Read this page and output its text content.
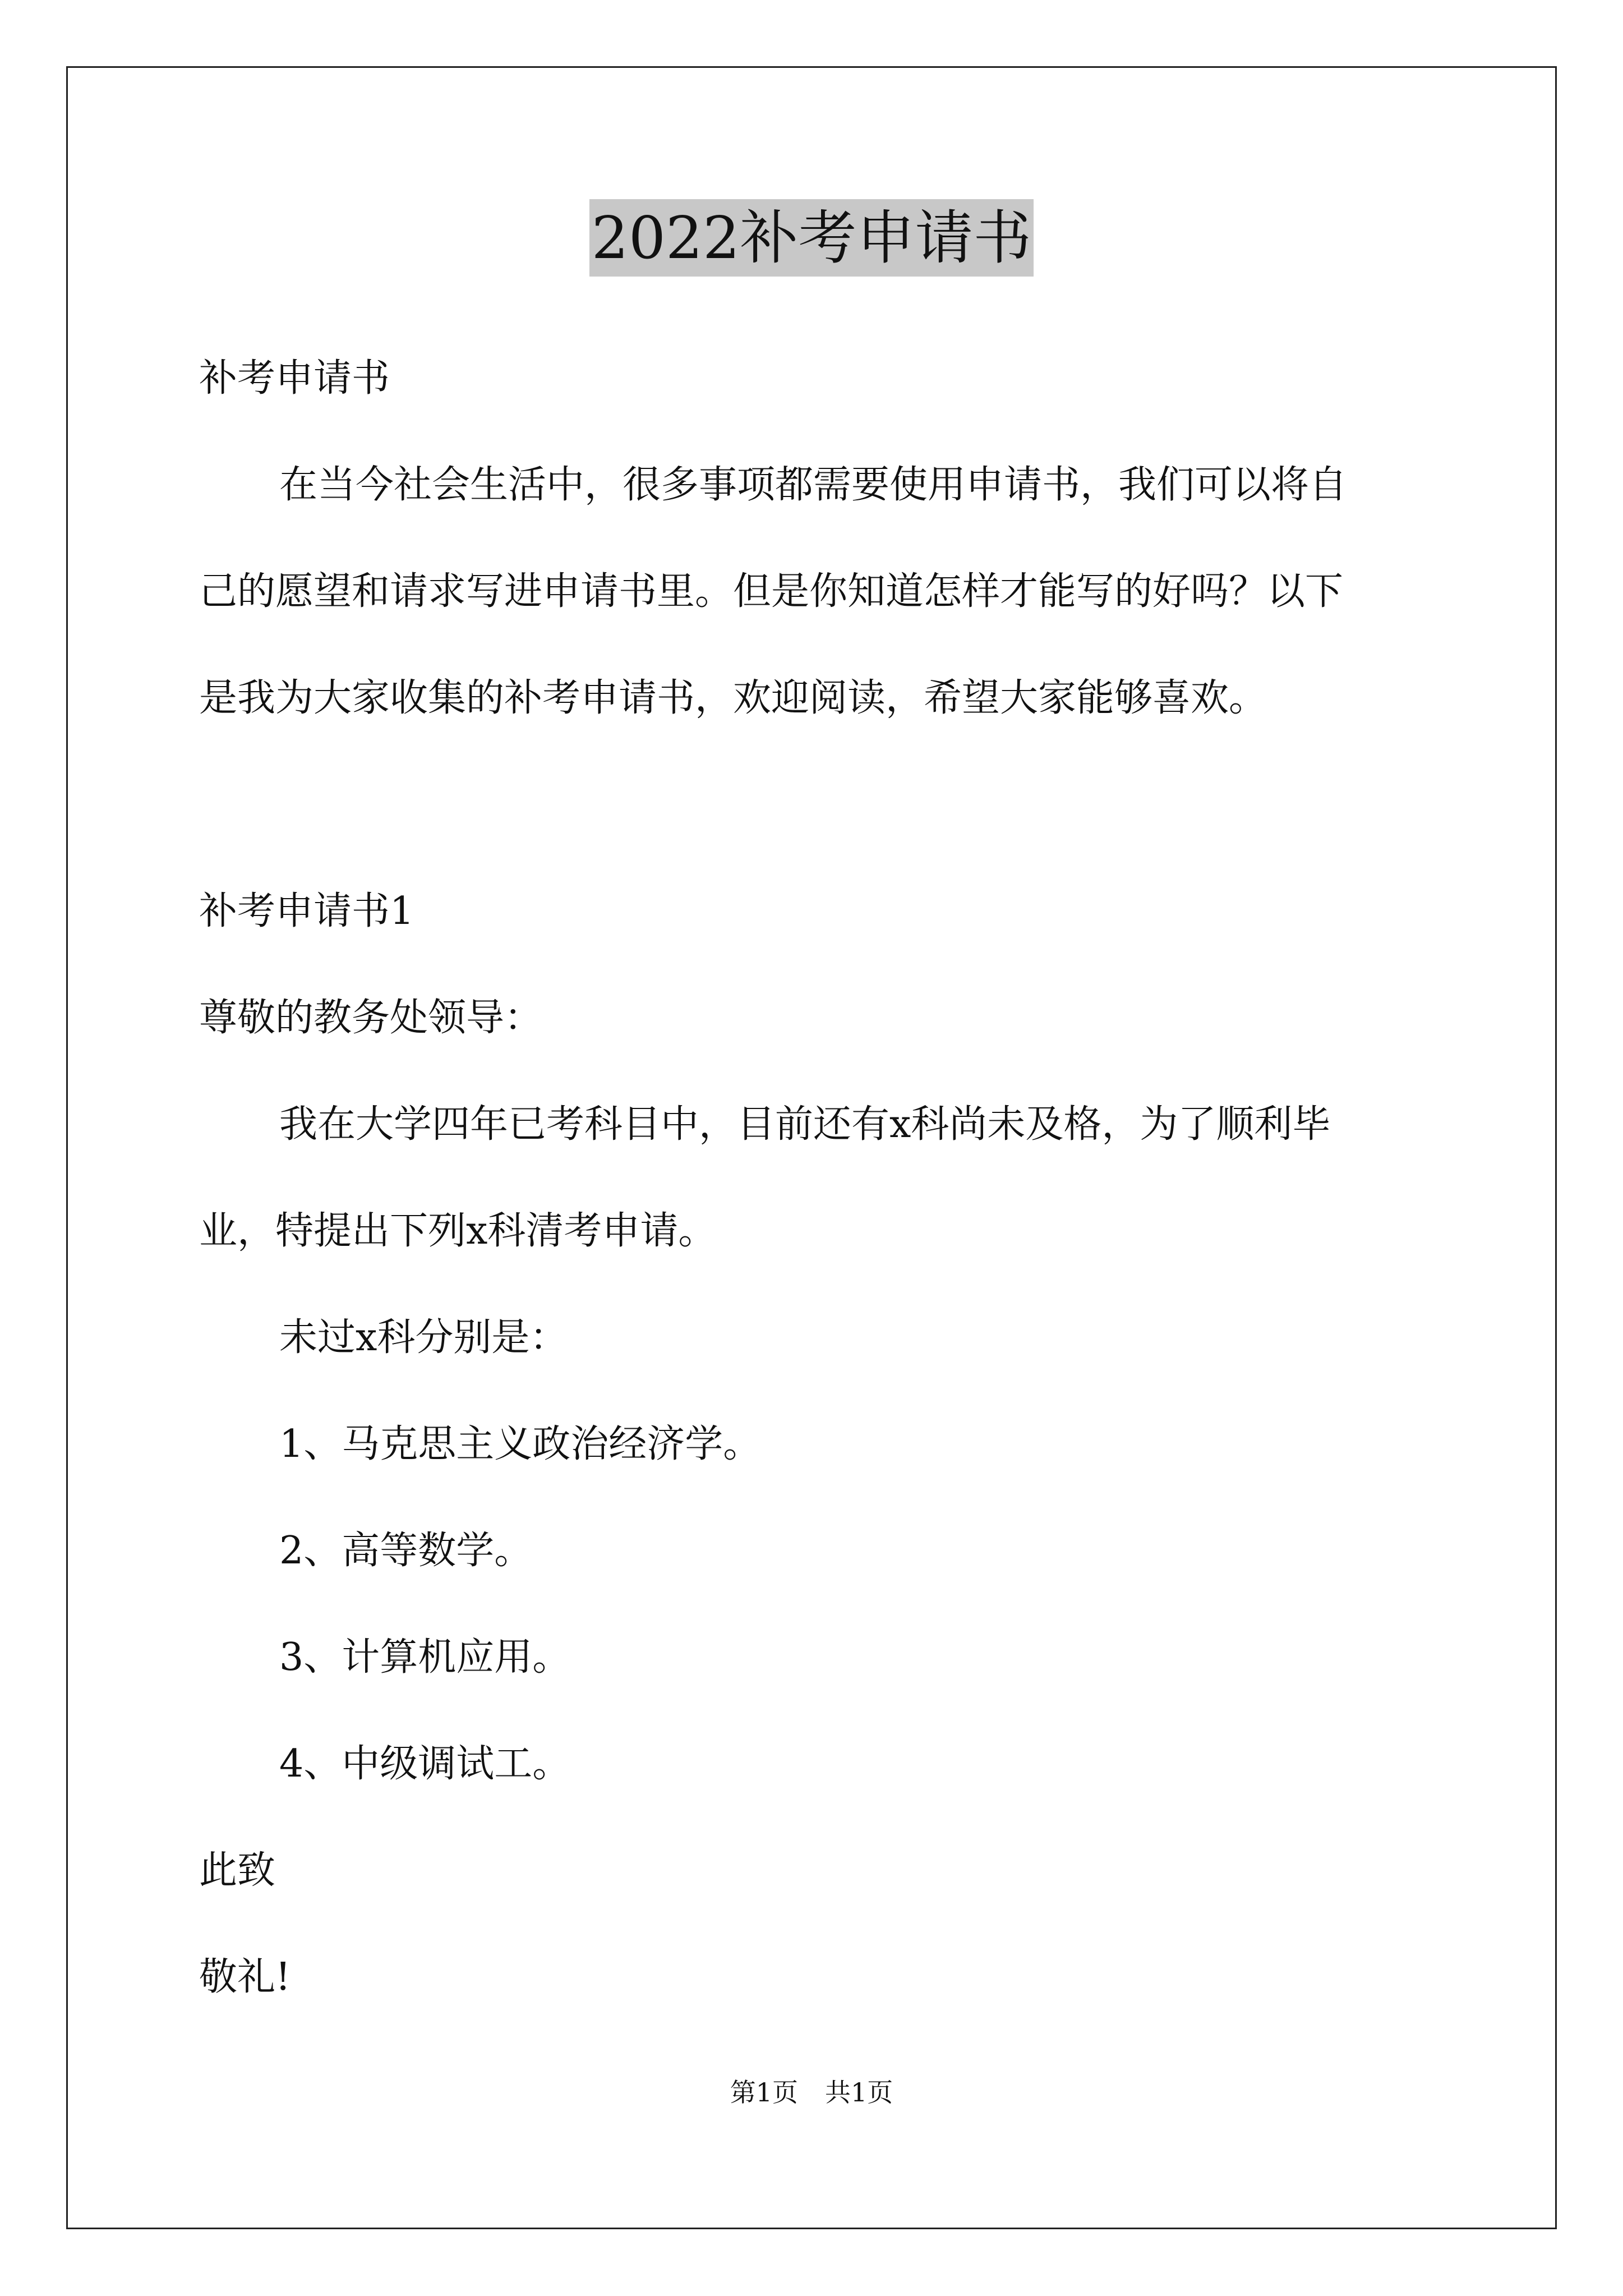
2022补考申请书
补考申请书
在当今社会生活中，很多事项都需要使用申请书，我们可以将自
己的愿望和请求写进申请书里。但是你知道怎样才能写的好吗？以下
是我为大家收集的补考申请书，欢迎阅读，希望大家能够喜欢。
补考申请书1
尊敬的教务处领导：
我在大学四年已考科目中，目前还有x科尚未及格，为了顺利毕
业，特提出下列x科清考申请。
未过x科分别是：
1、马克思主义政治经济学。
2、高等数学。
3、计算机应用。
4、中级调试工。
此致
敬礼!
第1页 共1页
